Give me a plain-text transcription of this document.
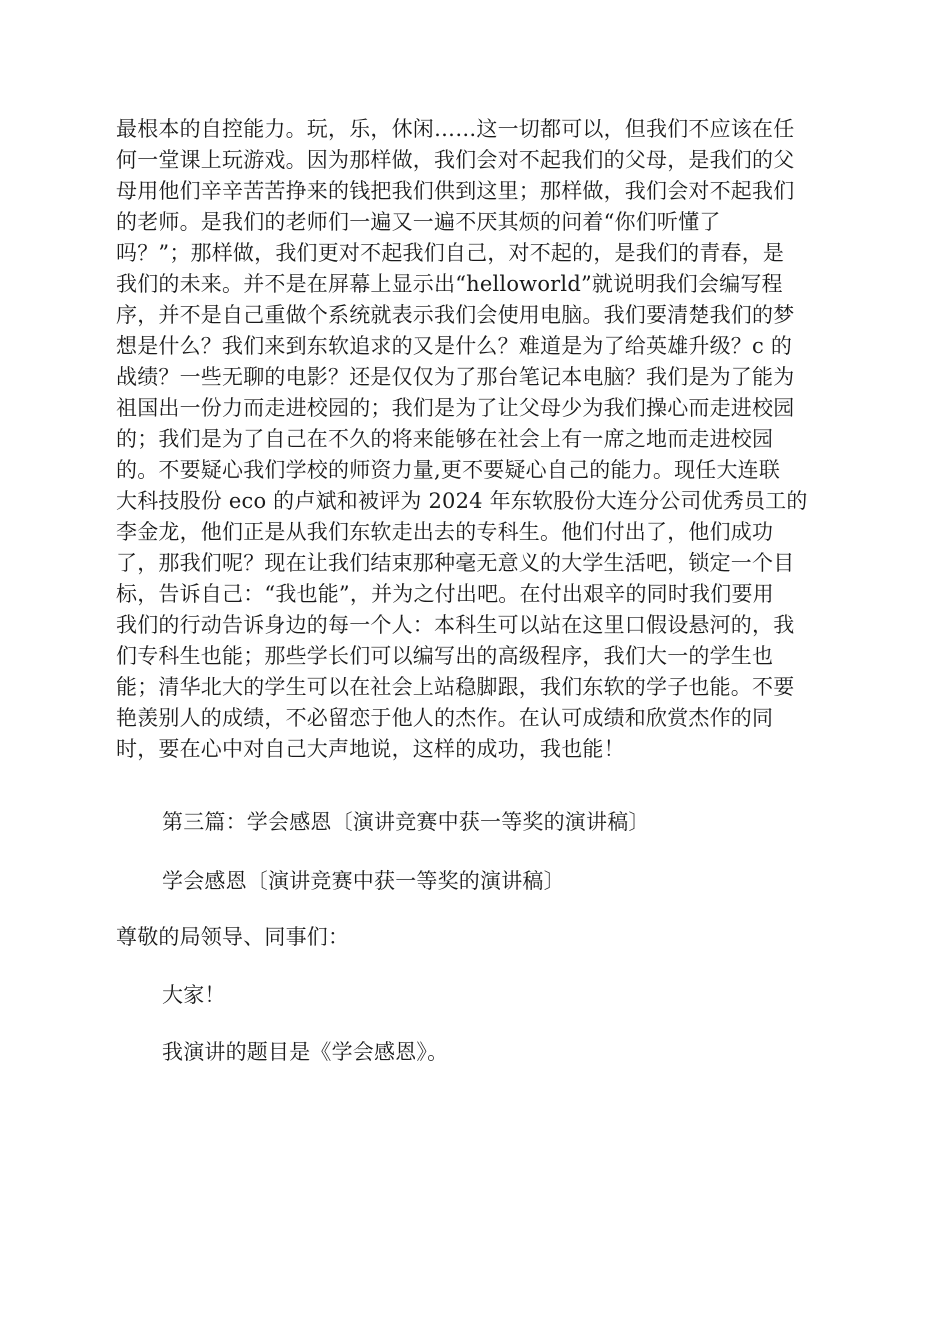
最根本的自控能力。玩，乐，休闲……这一切都可以，但我们不应该在任
何一堂课上玩游戏。因为那样做，我们会对不起我们的父母，是我们的父
母用他们辛辛苦苦挣来的钱把我们供到这里；那样做，我们会对不起我们
的老师。是我们的老师们一遍又一遍不厌其烦的问着“你们听懂了
吗？”；那样做，我们更对不起我们自己，对不起的，是我们的青春，是
我们的未来。并不是在屏幕上显示出“helloworld”就说明我们会编写程
序，并不是自己重做个系统就表示我们会使用电脑。我们要清楚我们的梦
想是什么？我们来到东软追求的又是什么？难道是为了给英雄升级？c 的
战绩？一些无聊的电影？还是仅仅为了那台笔记本电脑？我们是为了能为
祖国出一份力而走进校园的；我们是为了让父母少为我们操心而走进校园
的；我们是为了自己在不久的将来能够在社会上有一席之地而走进校园
的。不要疑心我们学校的师资力量,更不要疑心自己的能力。现任大连联
大科技股份 eco 的卢斌和被评为 2024 年东软股份大连分公司优秀员工的
李金龙，他们正是从我们东软走出去的专科生。他们付出了，他们成功
了，那我们呢？现在让我们结束那种毫无意义的大学生活吧，锁定一个目
标，告诉自己：“我也能”，并为之付出吧。在付出艰辛的同时我们要用
我们的行动告诉身边的每一个人：本科生可以站在这里口假设悬河的，我
们专科生也能；那些学长们可以编写出的高级程序，我们大一的学生也
能；清华北大的学生可以在社会上站稳脚跟，我们东软的学子也能。不要
艳羡别人的成绩，不必留恋于他人的杰作。在认可成绩和欣赏杰作的同
时，要在心中对自己大声地说，这样的成功，我也能！
第三篇：学会感恩〔演讲竞赛中获一等奖的演讲稿〕
学会感恩〔演讲竞赛中获一等奖的演讲稿〕
尊敬的局领导、同事们：
大家！
我演讲的题目是《学会感恩》。
